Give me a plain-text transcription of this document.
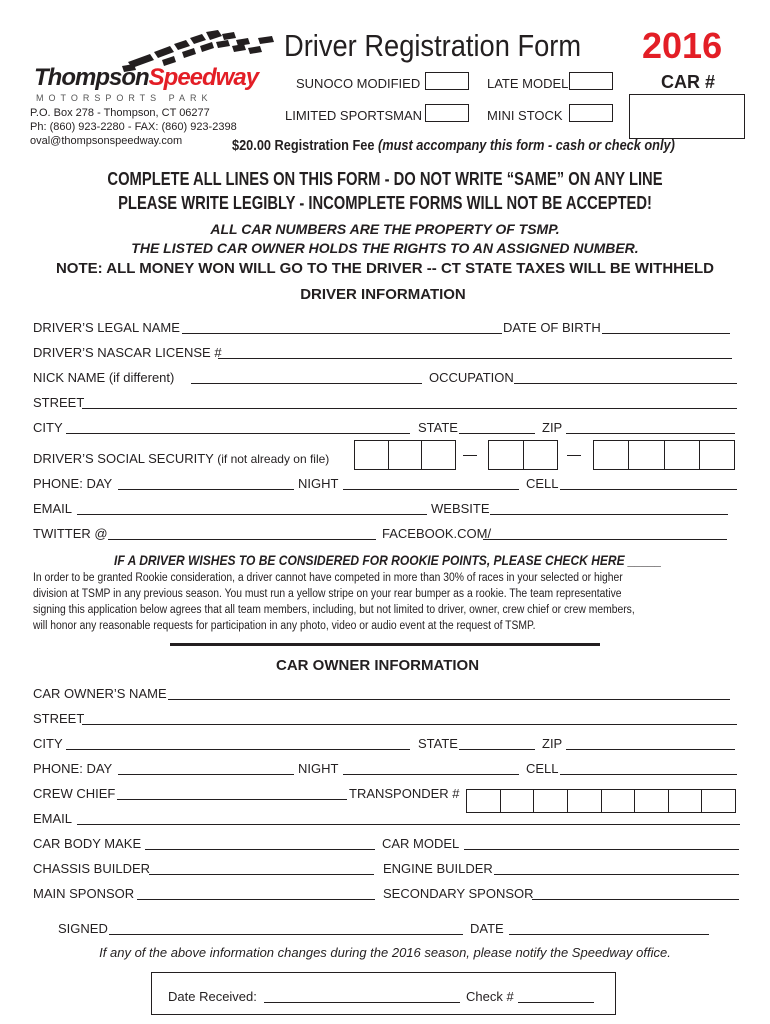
ThompsonSpeedway
MOTORSPORTS PARK
P.O. Box 278 - Thompson, CT 06277
Ph: (860) 923-2280 - FAX: (860) 923-2398
oval@thompsonspeedway.com
Driver Registration Form 2016
CAR #
SUNOCO MODIFIED	LATE MODEL
LIMITED SPORTSMAN	MINI STOCK
$20.00 Registration Fee (must accompany this form - cash or check only)
COMPLETE ALL LINES ON THIS FORM - DO NOT WRITE “SAME” ON ANY LINE
PLEASE WRITE LEGIBLY - INCOMPLETE FORMS WILL NOT BE ACCEPTED!
ALL CAR NUMBERS ARE THE PROPERTY OF TSMP.
THE LISTED CAR OWNER HOLDS THE RIGHTS TO AN ASSIGNED NUMBER.
NOTE: ALL MONEY WON WILL GO TO THE DRIVER -- CT STATE TAXES WILL BE WITHHELD
DRIVER INFORMATION
DRIVER’S LEGAL NAME	DATE OF BIRTH
DRIVER’S NASCAR LICENSE #
NICK NAME (if different)	OCCUPATION
STREET
CITY	STATE	ZIP
DRIVER’S SOCIAL SECURITY (if not already on file)
PHONE: DAY	NIGHT	CELL
EMAIL	WEBSITE
TWITTER @	FACEBOOK.COM/
IF A DRIVER WISHES TO BE CONSIDERED FOR ROOKIE POINTS, PLEASE CHECK HERE _____
In order to be granted Rookie consideration, a driver cannot have competed in more than 30% of races in your selected or higher
division at TSMP in any previous season. You must run a yellow stripe on your rear bumper as a rookie. The team representative
signing this application below agrees that all team members, including, but not limited to driver, owner, crew chief or crew members,
will honor any reasonable requests for participation in any photo, video or audio event at the request of TSMP.
CAR OWNER INFORMATION
CAR OWNER’S NAME
STREET
CITY	STATE	ZIP
PHONE: DAY	NIGHT	CELL
CREW CHIEF	TRANSPONDER #
EMAIL
CAR BODY MAKE	CAR MODEL
CHASSIS BUILDER	ENGINE BUILDER
MAIN SPONSOR	SECONDARY SPONSOR
SIGNED	DATE
If any of the above information changes during the 2016 season, please notify the Speedway office.
Date Received:	Check #
